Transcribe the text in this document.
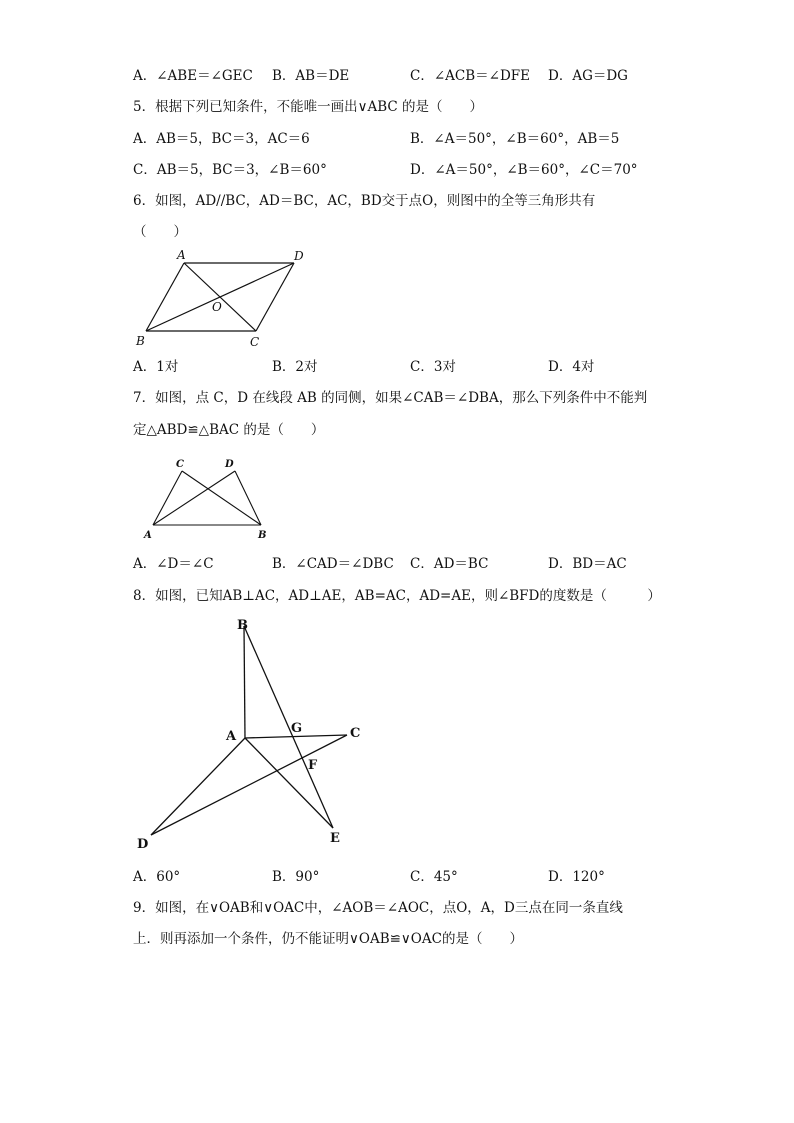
A．∠ABE＝∠GEC B．AB＝DE	C．∠ACB＝∠DFE D．AG＝DG
5．根据下列已知条件，不能唯一画出∨ABC 的是（　　）
A．AB＝5，BC＝3，AC＝6	B．∠A＝50°，∠B＝60°，AB＝5
C．AB＝5，BC＝3，∠B＝60°	D．∠A＝50°，∠B＝60°，∠C＝70°
6．如图，AD//BC，AD＝BC，AC，BD交于点O，则图中的全等三角形共有
（　　）
A	D
B	C
O
A．1对	B．2对	C．3对	D．4对
7．如图，点 C，D 在线段 AB 的同侧，如果∠CAB＝∠DBA，那么下列条件中不能判
定△ABD≌△BAC 的是（　　）
C	D
A	B
A．∠D＝∠C	B．∠CAD＝∠DBC C．AD＝BC	D．BD＝AC
8．如图，已知AB⊥AC，AD⊥AE，AB=AC，AD=AE，则∠BFD的度数是（　　　）
B
A
G	C
F
D	E
A．60°	B．90°	C．45°	D．120°
9．如图，在∨OAB和∨OAC中，∠AOB＝∠AOC，点O，A，D三点在同一条直线
上．则再添加一个条件，仍不能证明∨OAB≌∨OAC的是（　　）
